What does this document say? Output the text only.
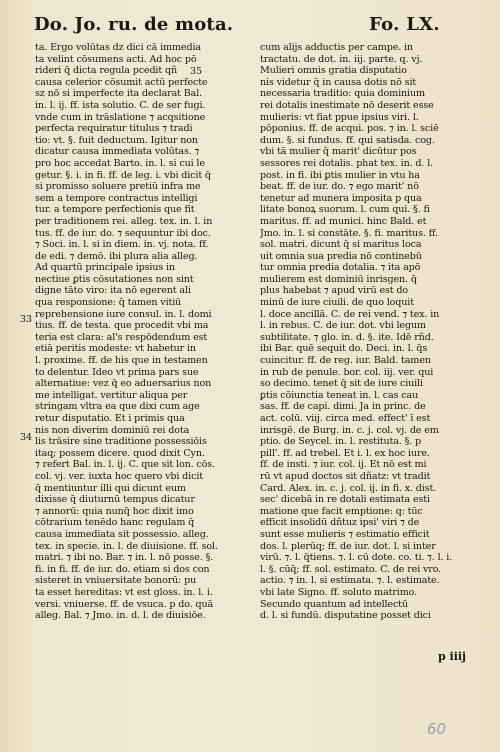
Do. Jo. ru. de mota.	Fo. LX.
35
33
34
ta. Ergo volūtas dz dici cā immedia
ta velint cōsumens acti. Ad hoc pō
rideri q̄ dicta regula pcedit qñ
causa celerior cōsumit actū perfecte
sz nō si imperfecte ita declarat Bal.
in. l. ij. ff. ista solutio. C. de ser fugi.
vnde cum in trāslatione ⁊ acqsitione
perfecta requiratur titulus ⁊ tradi
tio: vt. §. fuit deductum. Igitur non
dicatur causa immediata volūtas. ⁊
pro hoc accedat Barto. in. l. si cui le
getur. §. i. in fi. ff. de leg. i. vbi dicit q̄
si promisso soluere pretiū infra me
sem a tempore contractus intelligi
tur. a tempore perfectionis que fit
per traditionem rei. alleg. tex. in. l. in
tus. ff. de iur. do. ⁊ sequuntur ibi doc.
⁊ Soci. in. l. si in diem. in. vj. nota. ff.
de edi. ⁊ demō. ibi plura alia alleg.
Ad quartū principale ipsius in
nectiue ꝑtis cōsutationes non sint
digne tāto viro: ita nō egerent ali
qua responsione: q̄ tamen vitiū
reprehensione iure consul. in. l. domi
tius. ff. de testa. que procedit vbi ma
teria est clara: al's respōdendum est
etiā peritis modeste: vt habetur in
l. proxime. ff. de his que in testamen
to delentur. Ideo vt prima pars sue
alternatiue: vez q̄ eo aduersarius non
me intelligat. vertitur aliqua per
stringam vltra ea que dixi cum age
retur disputatio. Et i primis qua
nis non diverim dominiū rei dota
lis trāsire sine traditione possessiōis
itaq; possem dicere. quod dixit Cyn.
⁊ refert Bal. in. l. ij. C. que sit lon. cōs.
col. vj. ver. iuxta hoc quero vbi dicit
q̄ mentiuntur illi qui dicunt eum
dixisse q̄ diuturnū tempus dicatur
⁊ annorū: quia nunq̄ hoc dixit imo
cōtrarium tenēdo hanc regulam q̄
causa immediata sit possessio. alleg.
tex. in specie. in. l. de diuisione. ff. sol.
matri. ⁊ ibi no. Bar. ⁊ in. l. nō posse. §.
fi. in fi. ff. de iur. do. etiam si dos con
sisteret in vniuersitate bonorū: pu
ta esset hereditas: vt est gloss. in. l. i.
versi. vniuerse. ff. de vsuca. p do. quā
alleg. Bal. ⁊ Jmo. in. d. l. de diuisiōe.
cum alijs adductis per campe. in
tractatu. de dot. in. iij. parte. q. vj.
Mulieri omnis gratia disputatio
nis videtur q̄ in causa dotis nō sit
necessaria traditio: quia dominium
rei dotalis inestimate nō deserit esse
mulieris: vt fiat ppue ipsius viri. l.
pōponius. ff. de acqui. pos. ⁊ in. l. sciē
dum. §. si fundus. ff. qui satisda. cog.
vbi tā mulier q̄ marit' dicūtur pos
sessores rei dotalis. phat tex. in. d. l.
post. in fi. ibi ꝑtis mulier in vtu ha
beat. ff. de iur. do. ⁊ ego marit' nō
tenetur ad munera imposita p qua
litate bonoꝝ suorum. l. cum qui. §. fi
maritus. ff. ad munici. hinc Bald. et
Jmo. in. l. si constāte. §. fi. maritus. ff.
sol. matri. dicunt q̄ si maritus loca
uit omnia sua predia nō continebū
tur omnia predia dotalia. ⁊ ita apō
mulierem est dominiū inrisgen. q̄
plus habebat ⁊ apud virū est do
minū de iure ciuili. de quo loquit
l. doce ancillā. C. de rei vend. ⁊ tex. in
l. in rebus. C. de iur. dot. vbi legum
subtilitate. ⁊ glo. in. d. §. ite. Idē rñd.
ibi Bar. quē sequit do. Deci. in. l. q̄s
cuincitur. ff. de reg. iur. Bald. tamen
in rub de penule. bor. col. iij. ver. qui
so decimo. tenet q̄ sit de iure ciuili
ꝑtis cōiunctia teneat in. l. cas cau
sas. ff. de capi. dimi. Ja in princ. de
act. colū. viij. circa med. effect' ī est
inrisgē. de Burg. in. c. j. col. vj. de em
ptio. de Seycel. in. l. restituta. §. p
pill'. ff. ad trebel. Et i. l. ex hoc iure.
ff. de insti. ⁊ iur. col. ij. Et nō est mi
rū vt apud doctos sit dñatz: vt tradit
Card. Alex. in. c. j. col. ij. in fi. x. dist.
sec' dicebā in re dotali estimata esti
matione que facit emptione: q: tūc
efficit insolidū dñtuz ipsi' viri ⁊ de
sunt esse mulieris ⁊ estimatio efficit
dos. l. plerūq; ff. de iur. dot. l. si inter
virū. ⁊. l. q̄tiens. ⁊. l. cū dote. co. ti. ⁊. l. i.
l. §. cūq̄; ff. sol. estimato. C. de rei vro.
actio. ⁊ in. l. si estimata. ⁊. l. estimate.
vbi late Signo. ff. soluto matrimo.
Secundo quantum ad intellectū
d. l. si fundū. disputatine posset dici
p iiij
60
